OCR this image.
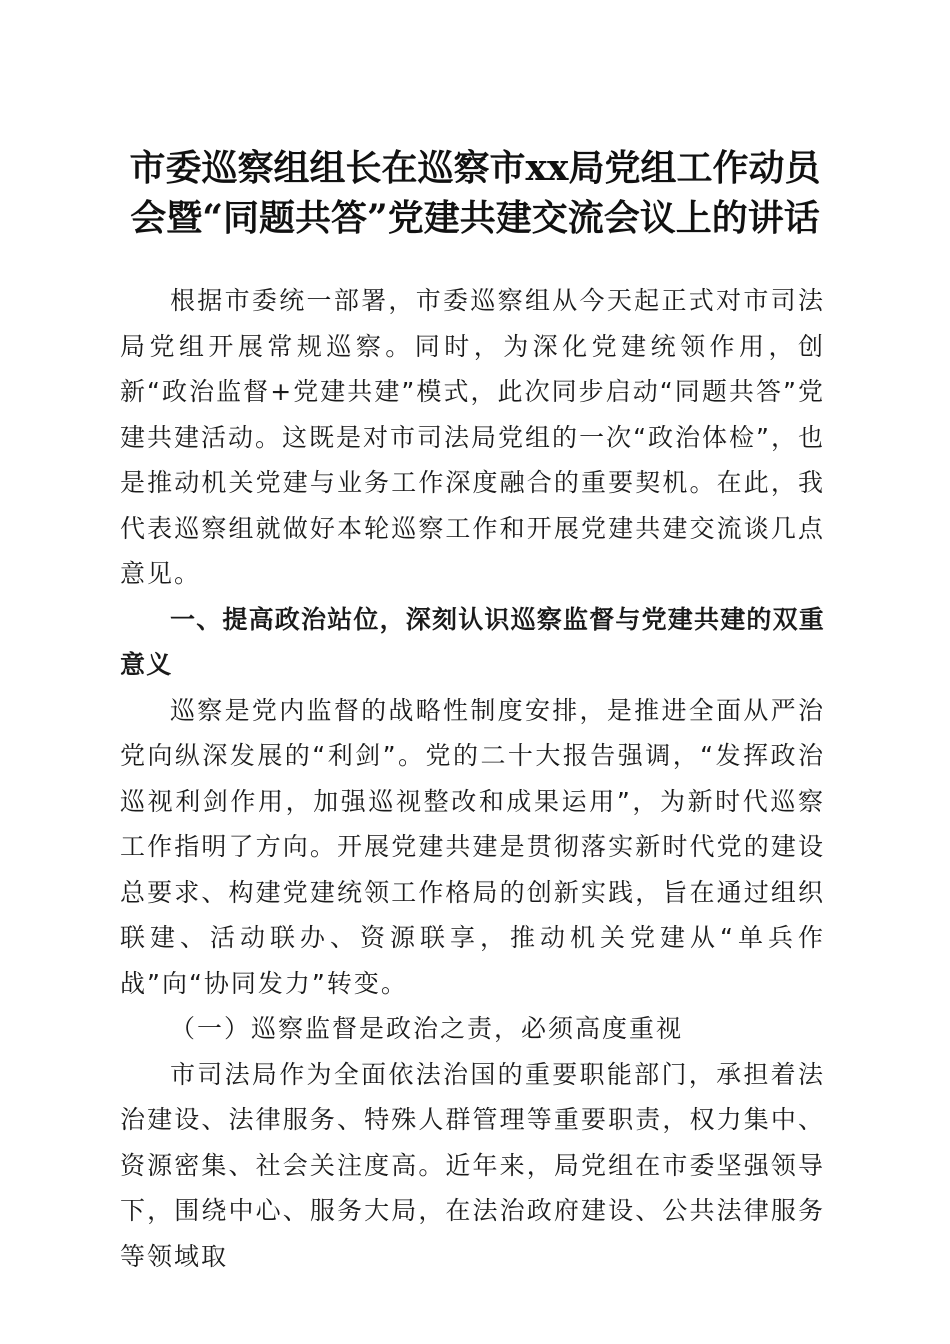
市委巡察组组长在巡察市xx局党组工作动员
会暨“同题共答”党建共建交流会议上的讲话

根据市委统一部署，市委巡察组从今天起正式对市司法局党组开展常规巡察。同时，为深化党建统领作用，创新“政治监督+党建共建”模式，此次同步启动“同题共答”党建共建活动。这既是对市司法局党组的一次“政治体检”，也是推动机关党建与业务工作深度融合的重要契机。在此，我代表巡察组就做好本轮巡察工作和开展党建共建交流谈几点意见。

一、提高政治站位，深刻认识巡察监督与党建共建的双重意义

巡察是党内监督的战略性制度安排，是推进全面从严治党向纵深发展的“利剑”。党的二十大报告强调，“发挥政治巡视利剑作用，加强巡视整改和成果运用”，为新时代巡察工作指明了方向。开展党建共建是贯彻落实新时代党的建设总要求、构建党建统领工作格局的创新实践，旨在通过组织联建、活动联办、资源联享，推动机关党建从“单兵作战”向“协同发力”转变。

（一）巡察监督是政治之责，必须高度重视

市司法局作为全面依法治国的重要职能部门，承担着法治建设、法律服务、特殊人群管理等重要职责，权力集中、资源密集、社会关注度高。近年来，局党组在市委坚强领导下，围绕中心、服务大局，在法治政府建设、公共法律服务等领域取
